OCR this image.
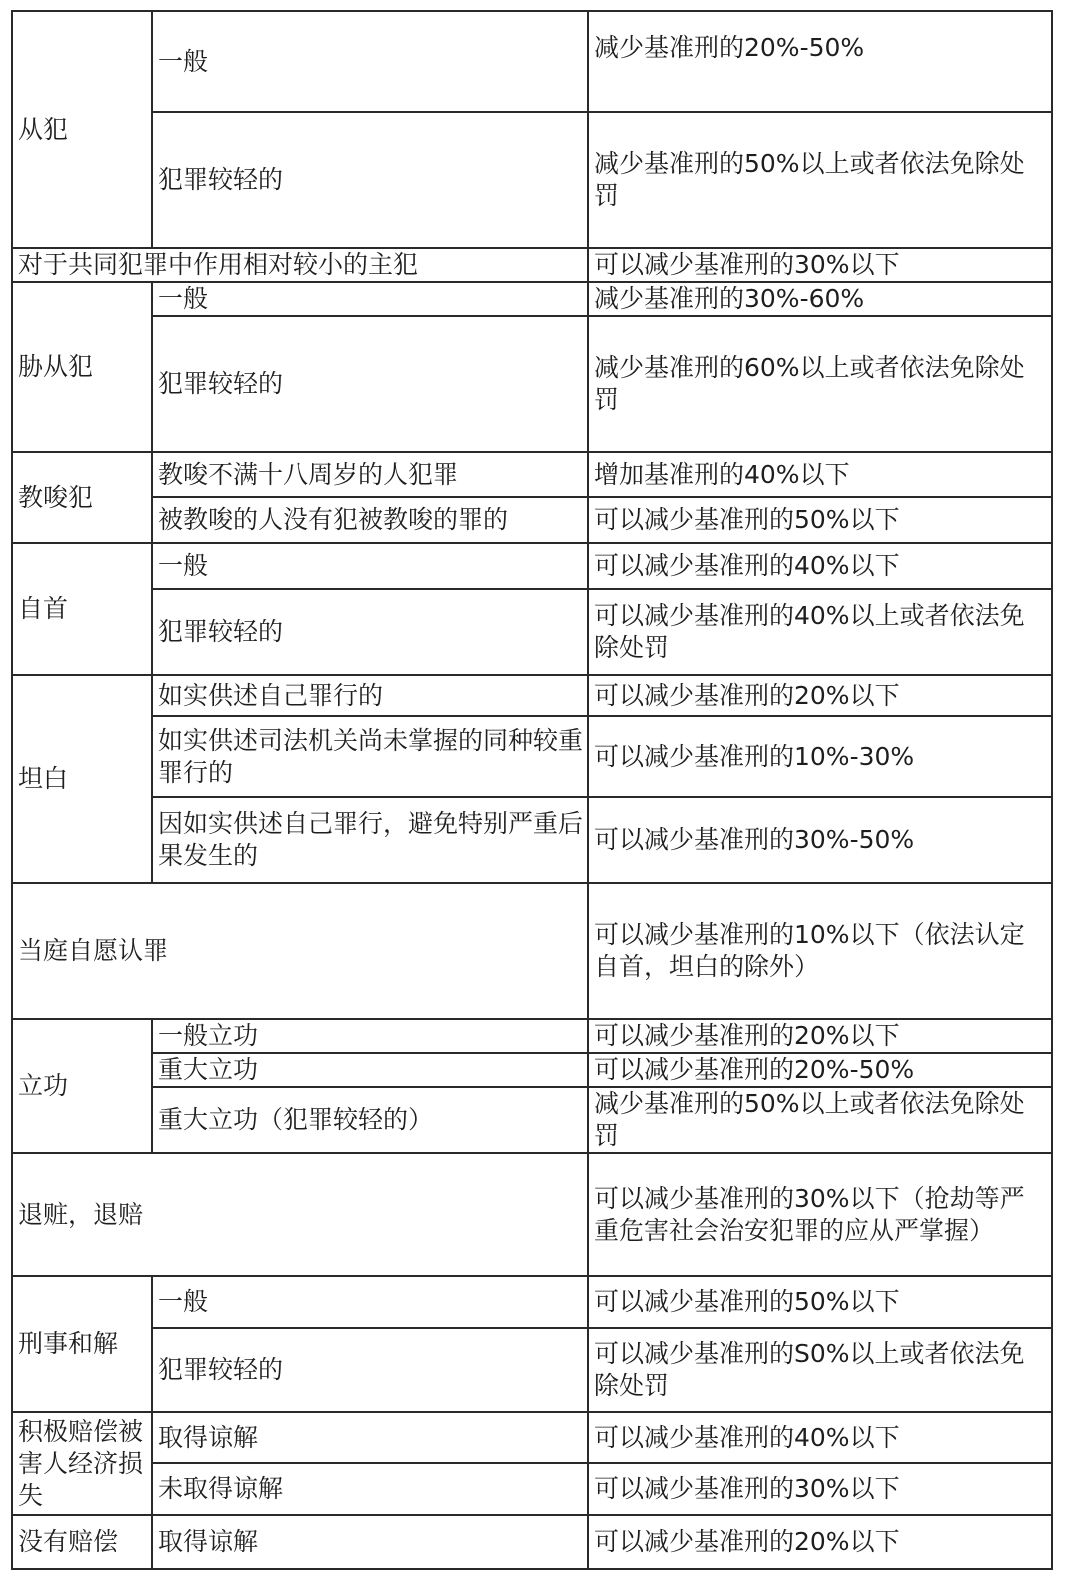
从犯	一般	减少基准刑的20%-50%
	犯罪较轻的	减少基准刑的50%以上或者依法免除处罚
对于共同犯罪中作用相对较小的主犯		可以减少基准刑的30%以下
胁从犯	一般	减少基准刑的30%-60%
	犯罪较轻的	减少基准刑的60%以上或者依法免除处罚
教唆犯	教唆不满十八周岁的人犯罪	增加基准刑的40%以下
	被教唆的人没有犯被教唆的罪的	可以减少基准刑的50%以下
自首	一般	可以减少基准刑的40%以下
	犯罪较轻的	可以减少基准刑的40%以上或者依法免除处罚
坦白	如实供述自己罪行的	可以减少基准刑的20%以下
	如实供述司法机关尚未掌握的同种较重罪行的	可以减少基准刑的10%-30%
	因如实供述自己罪行，避免特别严重后果发生的	可以减少基准刑的30%-50%
当庭自愿认罪		可以减少基准刑的10%以下（依法认定自首，坦白的除外）
立功	一般立功	可以减少基准刑的20%以下
	重大立功	可以减少基准刑的20%-50%
	重大立功（犯罪较轻的）	减少基准刑的50%以上或者依法免除处罚
退赃，退赔		可以减少基准刑的30%以下（抢劫等严重危害社会治安犯罪的应从严掌握）
刑事和解	一般	可以减少基准刑的50%以下
	犯罪较轻的	可以减少基准刑的S0%以上或者依法免除处罚
积极赔偿被害人经济损失	取得谅解	可以减少基准刑的40%以下
	未取得谅解	可以减少基准刑的30%以下
没有赔偿	取得谅解	可以减少基准刑的20%以下
